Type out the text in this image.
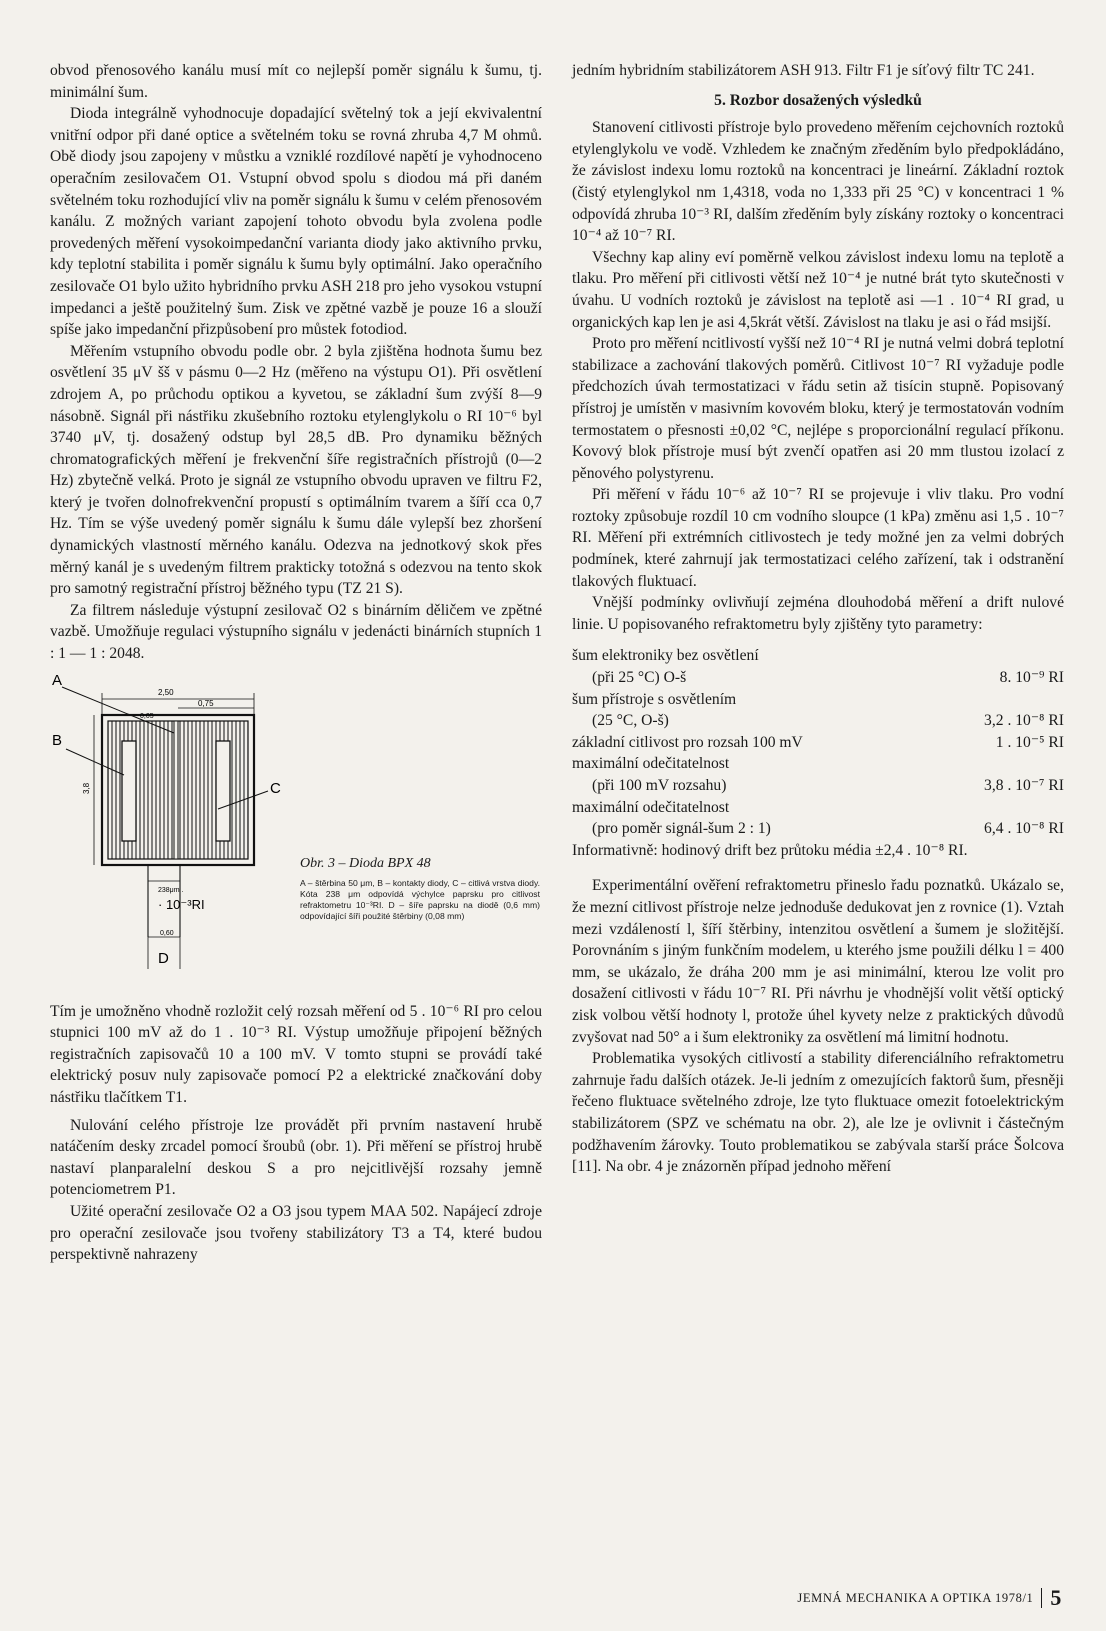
obvod přenosového kanálu musí mít co nejlepší poměr signálu k šumu, tj. minimální šum.

Dioda integrálně vyhodnocuje dopadající světelný tok a její ekvivalentní vnitřní odpor při dané optice a světelném toku se rovná zhruba 4,7 M ohmů. Obě diody jsou zapojeny v můstku a vzniklé rozdílové napětí je vyhodnoceno operačním zesilovačem O1. Vstupní obvod spolu s diodou má při daném světelném toku rozhodující vliv na poměr signálu k šumu v celém přenosovém kanálu. Z možných variant zapojení tohoto obvodu byla zvolena podle provedených měření vysokoimpedanční varianta diody jako aktivního prvku, kdy teplotní stabilita i poměr signálu k šumu byly optimální. Jako operačního zesilovače O1 bylo užito hybridního prvku ASH 218 pro jeho vysokou vstupní impedanci a ještě použitelný šum. Zisk ve zpětné vazbě je pouze 16 a slouží spíše jako impedanční přizpůsobení pro můstek fotodiod.

Měřením vstupního obvodu podle obr. 2 byla zjištěna hodnota šumu bez osvětlení 35 μV šš v pásmu 0—2 Hz (měřeno na výstupu O1). Při osvětlení zdrojem A, po průchodu optikou a kyvetou, se základní šum zvýší 8—9 násobně. Signál při nástřiku zkušebního roztoku etylenglykolu o RI 10⁻⁶ byl 3740 μV, tj. dosažený odstup byl 28,5 dB. Pro dynamiku běžných chromatografických měření je frekvenční šíře registračních přístrojů (0—2 Hz) zbytečně velká. Proto je signál ze vstupního obvodu upraven ve filtru F2, který je tvořen dolnofrekvenční propustí s optimálním tvarem a šíří cca 0,7 Hz. Tím se výše uvedený poměr signálu k šumu dále vylepší bez zhoršení dynamických vlastností měrného kanálu. Odezva na jednotkový skok přes měrný kanál je s uvedeným filtrem prakticky totožná s odezvou na tento skok pro samotný registrační přístroj běžného typu (TZ 21 S).

Za filtrem následuje výstupní zesilovač O2 s binárním děličem ve zpětné vazbě. Umožňuje regulaci výstupního signálu v jedenácti binárních stupních 1 : 1 — 1 : 2048.

2,50
0,75
0,05
3,8
A
B
C
238μm .
· 10⁻³RI
0,60
D
Obr. 3 – Dioda BPX 48
A – štěrbina 50 μm, B – kontakty diody, C – citlivá vrstva diody. Kóta 238 μm odpovídá výchylce paprsku pro citlivost refraktometru 10⁻³RI. D – šíře paprsku na diodě (0,6 mm) odpovídající šíři použité štěrbiny (0,08 mm)

Tím je umožněno vhodně rozložit celý rozsah měření od 5 . 10⁻⁶ RI pro celou stupnici 100 mV až do 1 . 10⁻³ RI. Výstup umožňuje připojení běžných registračních zapisovačů 10 a 100 mV. V tomto stupni se provádí také elektrický posuv nuly zapisovače pomocí P2 a elektrické značkování doby nástřiku tlačítkem T1.

Nulování celého přístroje lze provádět při prvním nastavení hrubě natáčením desky zrcadel pomocí šroubů (obr. 1). Při měření se přístroj hrubě nastaví planparalelní deskou S a pro nejcitlivější rozsahy jemně potenciometrem P1.

Užité operační zesilovače O2 a O3 jsou typem MAA 502. Napájecí zdroje pro operační zesilovače jsou tvořeny stabilizátory T3 a T4, které budou perspektivně nahrazeny

jedním hybridním stabilizátorem ASH 913. Filtr F1 je síťový filtr TC 241.

5. Rozbor dosažených výsledků

Stanovení citlivosti přístroje bylo provedeno měřením cejchovních roztoků etylenglykolu ve vodě. Vzhledem ke značným zředěním bylo předpokládáno, že závislost indexu lomu roztoků na koncentraci je lineární. Základní roztok (čistý etylenglykol nm 1,4318, voda no 1,333 při 25 °C) v koncentraci 1 % odpovídá zhruba 10⁻³ RI, dalším zředěním byly získány roztoky o koncentraci 10⁻⁴ až 10⁻⁷ RI.

Všechny kap aliny eví poměrně velkou závislost indexu lomu na teplotě a tlaku. Pro měření při citlivosti větší než 10⁻⁴ je nutné brát tyto skutečnosti v úvahu. U vodních roztoků je závislost na teplotě asi —1 . 10⁻⁴ RI grad, u organických kap len je asi 4,5krát větší. Závislost na tlaku je asi o řád msijší.

Proto pro měření ncitlivostí vyšší než 10⁻⁴ RI je nutná velmi dobrá teplotní stabilizace a zachování tlakových poměrů. Citlivost 10⁻⁷ RI vyžaduje podle předchozích úvah termostatizaci v řádu setin až tisícin stupně. Popisovaný přístroj je umístěn v masivním kovovém bloku, který je termostatován vodním termostatem o přesnosti ±0,02 °C, nejlépe s proporcionální regulací příkonu. Kovový blok přístroje musí být zvenčí opatřen asi 20 mm tlustou izolací z pěnového polystyrenu.

Při měření v řádu 10⁻⁶ až 10⁻⁷ RI se projevuje i vliv tlaku. Pro vodní roztoky způsobuje rozdíl 10 cm vodního sloupce (1 kPa) změnu asi 1,5 . 10⁻⁷ RI. Měření při extrémních citlivostech je tedy možné jen za velmi dobrých podmínek, které zahrnují jak termostatizaci celého zařízení, tak i odstranění tlakových fluktuací.

Vnější podmínky ovlivňují zejména dlouhodobá měření a drift nulové linie. U popisovaného refraktometru byly zjištěny tyto parametry:

šum elektroniky bez osvětlení
(při 25 °C) O-š	8. 10⁻⁹ RI
šum přístroje s osvětlením
(25 °C, O-š)	3,2 . 10⁻⁸ RI
základní citlivost pro rozsah 100 mV	1 . 10⁻⁵ RI
maximální odečitatelnost
(při 100 mV rozsahu)	3,8 . 10⁻⁷ RI
maximální odečitatelnost
(pro poměr signál-šum 2 : 1)	6,4 . 10⁻⁸ RI

Informativně: hodinový drift bez průtoku média ±2,4 . 10⁻⁸ RI.

Experimentální ověření refraktometru přineslo řadu poznatků. Ukázalo se, že mezní citlivost přístroje nelze jednoduše dedukovat jen z rovnice (1). Vztah mezi vzdáleností l, šíří štěrbiny, intenzitou osvětlení a šumem je složitější. Porovnáním s jiným funkčním modelem, u kterého jsme použili délku l = 400 mm, se ukázalo, že dráha 200 mm je asi minimální, kterou lze volit pro dosažení citlivosti v řádu 10⁻⁷ RI. Při návrhu je vhodnější volit větší optický zisk volbou větší hodnoty l, protože úhel kyvety nelze z praktických důvodů zvyšovat nad 50° a i šum elektroniky za osvětlení má limitní hodnotu.

Problematika vysokých citlivostí a stability diferenciálního refraktometru zahrnuje řadu dalších otázek. Je-li jedním z omezujících faktorů šum, přesněji řečeno fluktuace světelného zdroje, lze tyto fluktuace omezit fotoelektrickým stabilizátorem (SPZ ve schématu na obr. 2), ale lze je ovlivnit i částečným podžhavením žárovky. Touto problematikou se zabývala starší práce Šolcova [11]. Na obr. 4 je znázorněn případ jednoho měření

JEMNÁ MECHANIKA A OPTIKA 1978/1 5
